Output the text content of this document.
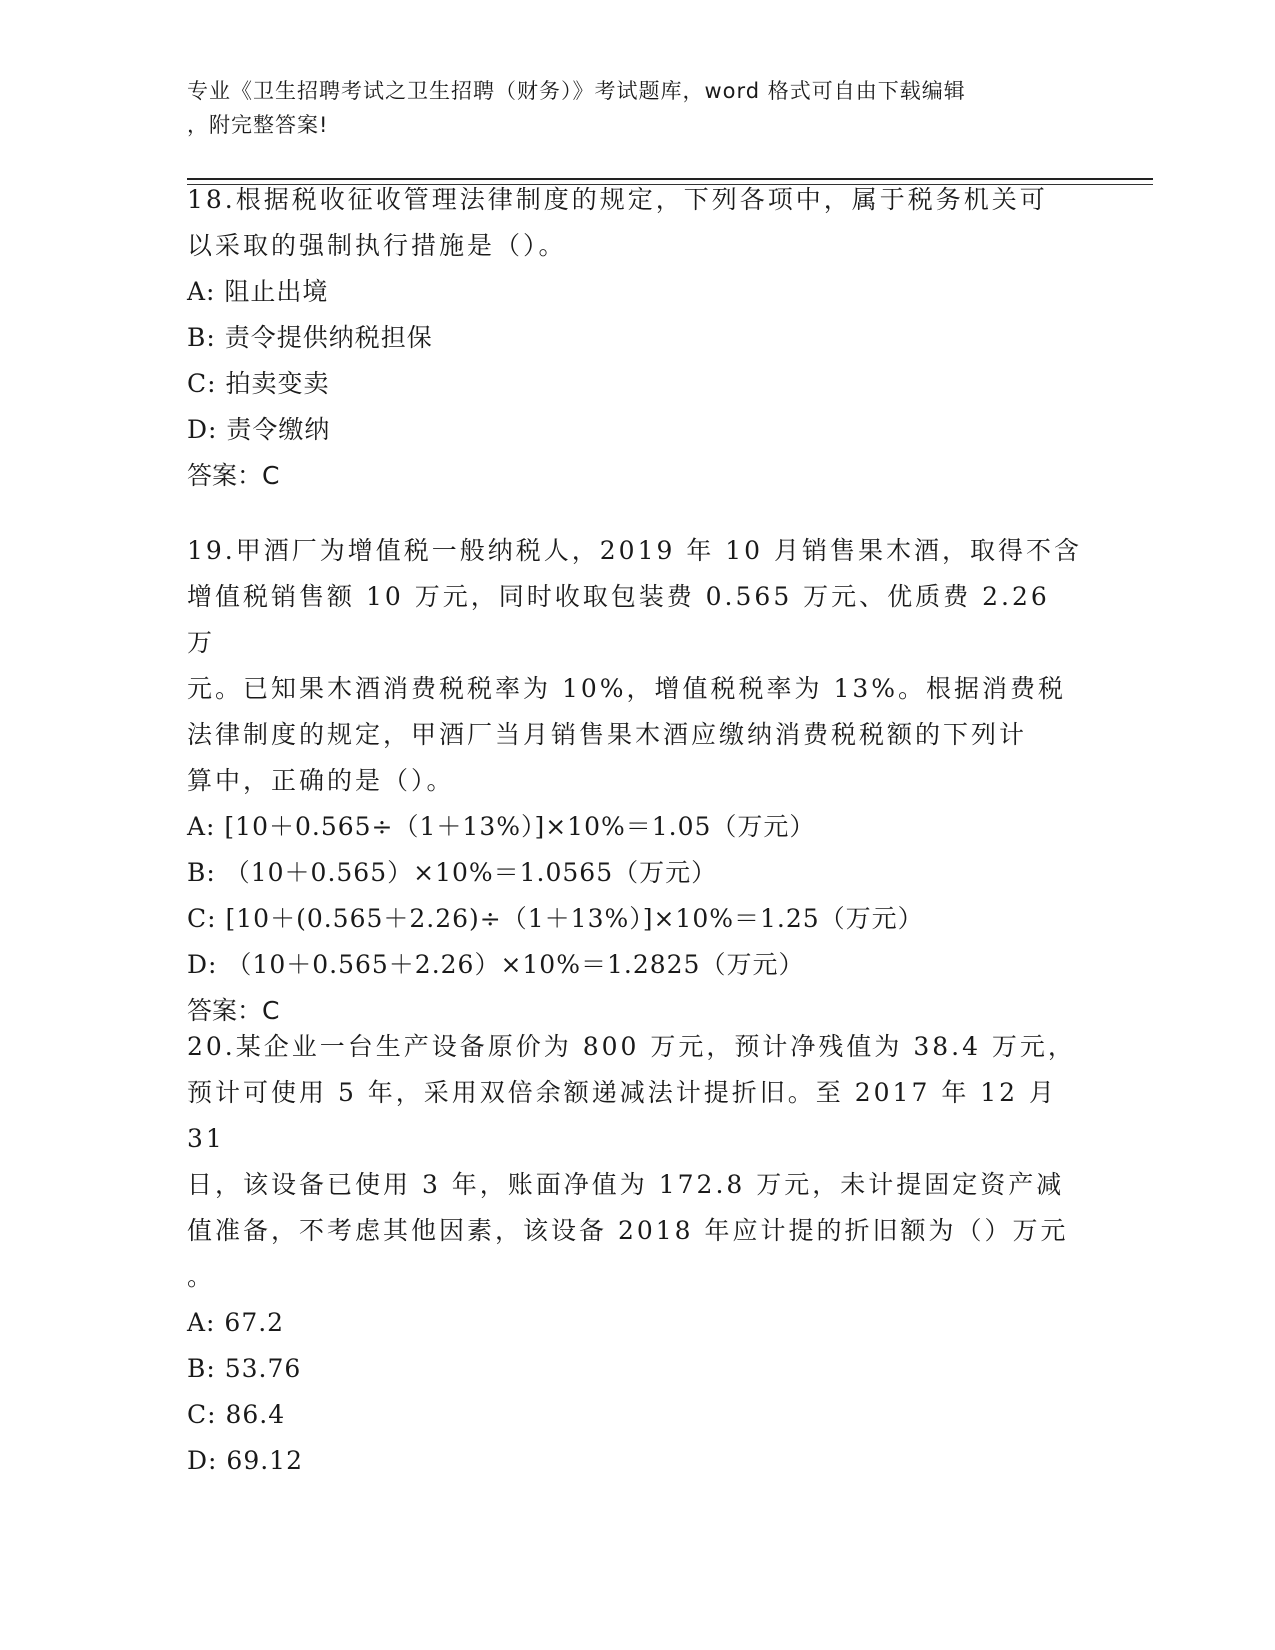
专业《卫生招聘考试之卫生招聘（财务）》考试题库，word 格式可自由下载编辑
，附完整答案!

18.根据税收征收管理法律制度的规定，下列各项中，属于税务机关可

以采取的强制执行措施是（）。

A: 阻止出境

B: 责令提供纳税担保

C: 拍卖变卖

D: 责令缴纳

答案：C

19.甲酒厂为增值税一般纳税人，2019 年 10 月销售果木酒，取得不含

增值税销售额 10 万元，同时收取包装费 0.565 万元、优质费 2.26 万

元。已知果木酒消费税税率为 10%，增值税税率为 13%。根据消费税

法律制度的规定，甲酒厂当月销售果木酒应缴纳消费税税额的下列计

算中，正确的是（）。

A: [10＋0.565÷（1＋13%）]×10%＝1.05（万元）

B: （10＋0.565）×10%＝1.0565（万元）

C: [10＋(0.565＋2.26)÷（1＋13%）]×10%＝1.25（万元）

D: （10＋0.565＋2.26）×10%＝1.2825（万元）

答案：C

20.某企业一台生产设备原价为 800 万元，预计净残值为 38.4 万元，

预计可使用 5 年，采用双倍余额递减法计提折旧。至 2017 年 12 月 31

日，该设备已使用 3 年，账面净值为 172.8 万元，未计提固定资产减

值准备，不考虑其他因素，该设备 2018 年应计提的折旧额为（）万元

。

A: 67.2

B: 53.76

C: 86.4

D: 69.12
